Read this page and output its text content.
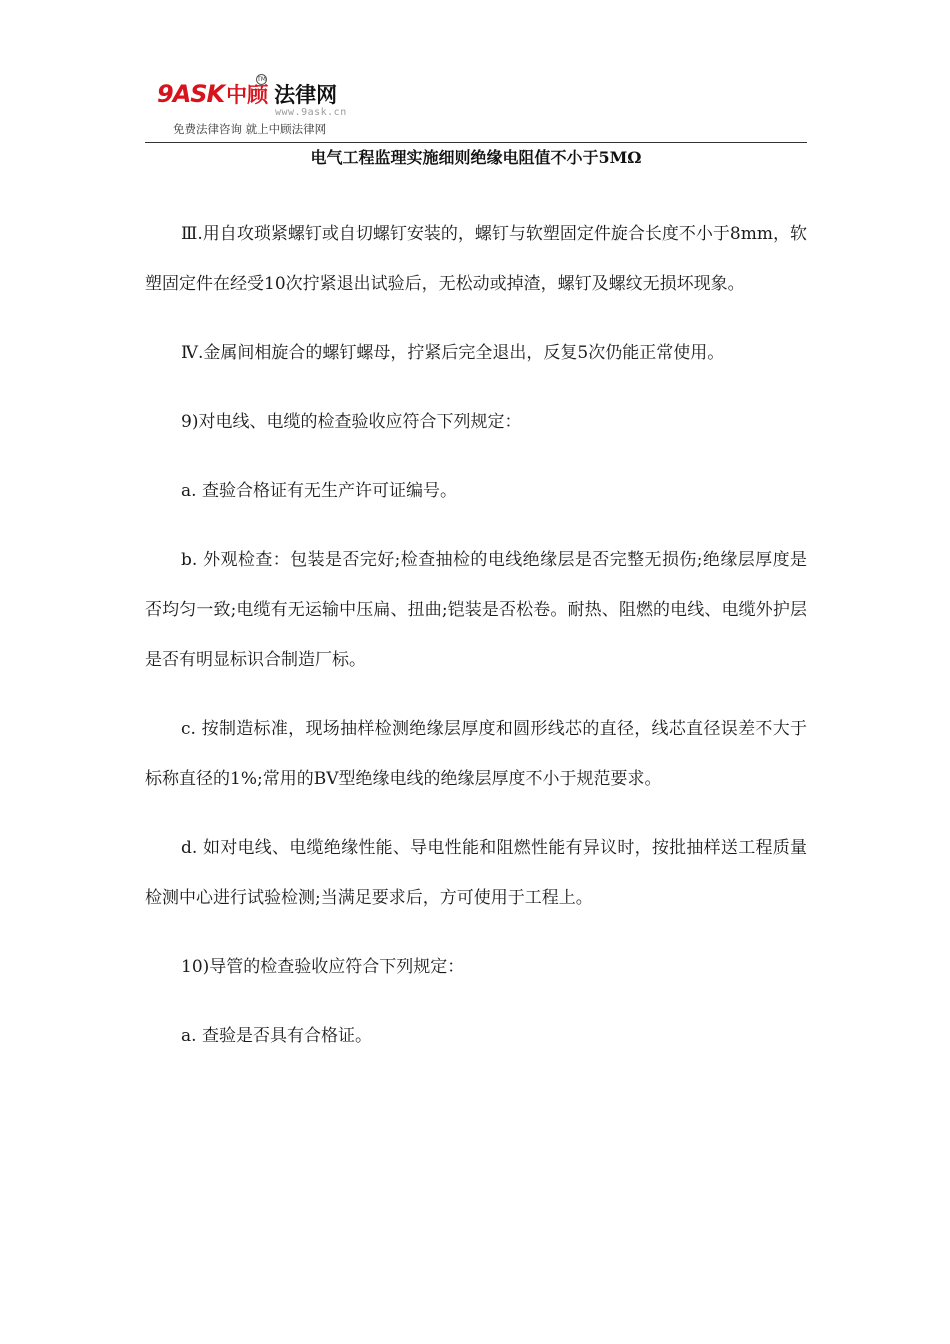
9ASK中顾 法律网
TM
www.9ask.cn
免费法律咨询 就上中顾法律网
电气工程监理实施细则绝缘电阻值不小于5MΩ

Ⅲ.用自攻琐紧螺钉或自切螺钉安装的，螺钉与软塑固定件旋合长度不小于8mm，软塑固定件在经受10次拧紧退出试验后，无松动或掉渣，螺钉及螺纹无损坏现象。

Ⅳ.金属间相旋合的螺钉螺母，拧紧后完全退出，反复5次仍能正常使用。

9)对电线、电缆的检查验收应符合下列规定：

a. 查验合格证有无生产许可证编号。

b. 外观检查：包装是否完好;检查抽检的电线绝缘层是否完整无损伤;绝缘层厚度是否均匀一致;电缆有无运输中压扁、扭曲;铠装是否松卷。耐热、阻燃的电线、电缆外护层是否有明显标识合制造厂标。

c. 按制造标准，现场抽样检测绝缘层厚度和圆形线芯的直径，线芯直径误差不大于标称直径的1%;常用的BV型绝缘电线的绝缘层厚度不小于规范要求。

d. 如对电线、电缆绝缘性能、导电性能和阻燃性能有异议时，按批抽样送工程质量检测中心进行试验检测;当满足要求后，方可使用于工程上。

10)导管的检查验收应符合下列规定：

a. 查验是否具有合格证。
